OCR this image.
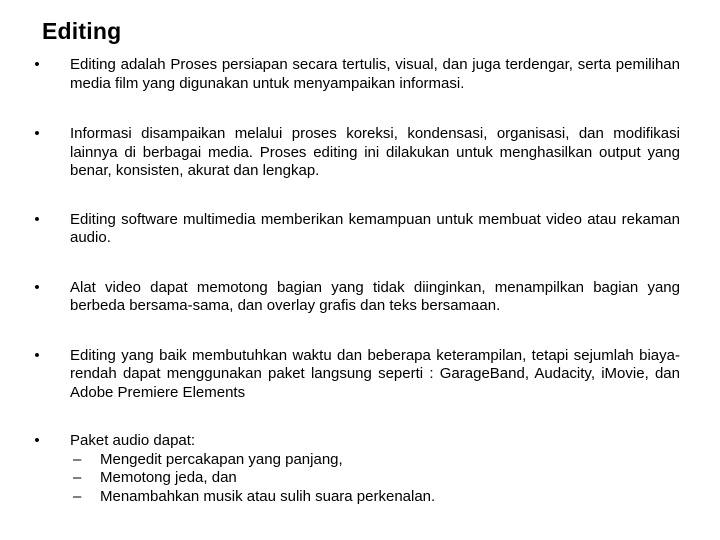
Editing
• Editing adalah Proses persiapan secara tertulis, visual, dan juga terdengar, serta pemilihan media film yang digunakan untuk menyampaikan informasi.
• Informasi disampaikan melalui proses koreksi, kondensasi, organisasi, dan modifikasi lainnya di berbagai media. Proses editing ini dilakukan untuk menghasilkan output yang benar, konsisten, akurat dan lengkap.
• Editing software multimedia memberikan kemampuan untuk membuat video atau rekaman audio.
• Alat video dapat memotong bagian yang tidak diinginkan, menampilkan bagian yang berbeda bersama-sama, dan overlay grafis dan teks bersamaan.
• Editing yang baik membutuhkan waktu dan beberapa keterampilan, tetapi sejumlah biaya- rendah dapat menggunakan paket langsung seperti : GarageBand, Audacity, iMovie, dan Adobe Premiere Elements
• Paket audio dapat:
– Mengedit percakapan yang panjang,
– Memotong jeda, dan
– Menambahkan musik atau sulih suara perkenalan.
